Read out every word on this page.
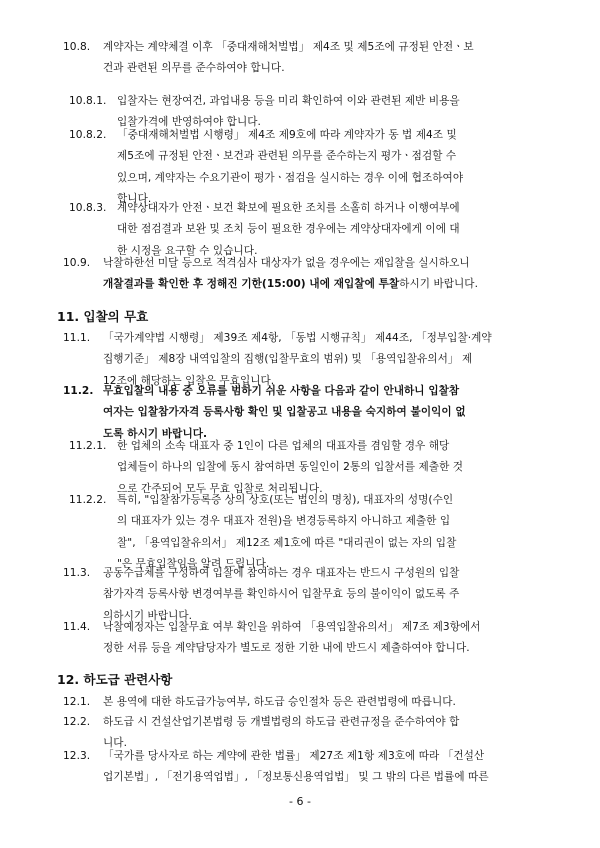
10.8. 계약자는 계약체결 이후 「중대재해처벌법」 제4조 및 제5조에 규정된 안전ㆍ보
건과 관련된 의무를 준수하여야 합니다.
10.8.1. 입찰자는 현장여건, 과업내용 등을 미리 확인하여 이와 관련된 제반 비용을
입찰가격에 반영하여야 합니다.
10.8.2. 「중대재해처벌법 시행령」 제4조 제9호에 따라 계약자가 동 법 제4조 및
제5조에 규정된 안전ㆍ보건과 관련된 의무를 준수하는지 평가ㆍ점검할 수
있으며, 계약자는 수요기관이 평가ㆍ점검을 실시하는 경우 이에 협조하여야
합니다.
10.8.3. 계약상대자가 안전ㆍ보건 확보에 필요한 조치를 소홀히 하거나 이행여부에
대한 점검결과 보완 및 조치 등이 필요한 경우에는 계약상대자에게 이에 대
한 시정을 요구할 수 있습니다.
10.9. 낙찰하한선 미달 등으로 적격심사 대상자가 없을 경우에는 재입찰을 실시하오니
개찰결과를 확인한 후 정해진 기한(15:00) 내에 재입찰에 투찰하시기 바랍니다.
11. 입찰의 무효
11.1. 「국가계약법 시행령」 제39조 제4항, 「동법 시행규칙」 제44조, 「정부입찰·계약
집행기준」 제8장 내역입찰의 집행(입찰무효의 범위) 및 「용역입찰유의서」 제
12조에 해당하는 입찰은 무효입니다.
11.2. 무효입찰의 내용 중 오류를 범하기 쉬운 사항을 다음과 같이 안내하니 입찰참
여자는 입찰참가자격 등록사항 확인 및 입찰공고 내용을 숙지하여 불이익이 없
도록 하시기 바랍니다.
11.2.1. 한 업체의 소속 대표자 중 1인이 다른 업체의 대표자를 겸임할 경우 해당
업체들이 하나의 입찰에 동시 참여하면 동일인이 2통의 입찰서를 제출한 것
으로 간주되어 모두 무효 입찰로 처리됩니다.
11.2.2. 특히, "입찰참가등록증 상의 상호(또는 법인의 명칭), 대표자의 성명(수인
의 대표자가 있는 경우 대표자 전원)을 변경등록하지 아니하고 제출한 입
찰", 「용역입찰유의서」 제12조 제1호에 따른 "대리권이 없는 자의 입찰
"은 무효입찰임을 알려 드립니다.
11.3. 공동수급체를 구성하여 입찰에 참여하는 경우 대표자는 반드시 구성원의 입찰
참가자격 등록사항 변경여부를 확인하시어 입찰무효 등의 불이익이 없도록 주
의하시기 바랍니다.
11.4. 낙찰예정자는 입찰무효 여부 확인을 위하여 「용역입찰유의서」 제7조 제3항에서
정한 서류 등을 계약담당자가 별도로 정한 기한 내에 반드시 제출하여야 합니다.
12. 하도급 관련사항
12.1. 본 용역에 대한 하도급가능여부, 하도급 승인절차 등은 관련법령에 따릅니다.
12.2. 하도급 시 건설산업기본법령 등 개별법령의 하도급 관련규정을 준수하여야 합
니다.
12.3. 「국가를 당사자로 하는 계약에 관한 법률」 제27조 제1항 제3호에 따라 「건설산
업기본법」, 「전기용역업법」, 「정보통신용역업법」 및 그 밖의 다른 법률에 따른
- 6 -
